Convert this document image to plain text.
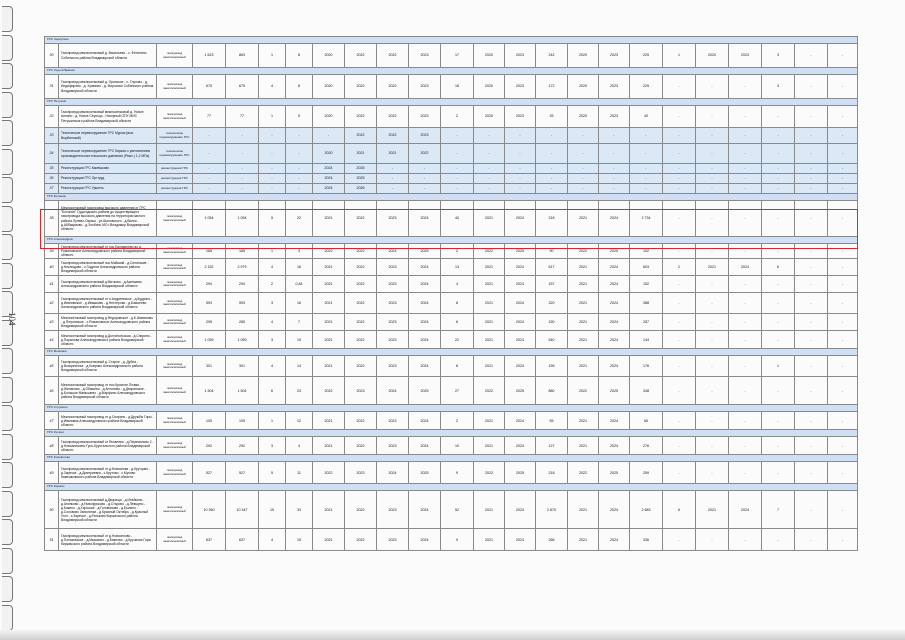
104
ГРС Черкутино																							
30	Газопровод межпоселковый д. Васильево - с. Фетинино Собинского района Владимирской области	газопровод межпоселковый	1 623	863	1	8	2020	2022	2022	2023	17	2020	2023	242	2020	2023	225	1	2020	2023	3	-	-
ГРС Ундол/Лакинск																							
31	Газопровод межпоселковый д. Оранское - с. Глухово - д. Индифирово - д. Храмово - д. Морозово Собинского района Владимирской области	газопровод межпоселковый	675	675	4	8	2020	2022	2022	2023	18	2020	2023	172	2020	2023	225	-	-	-	3	-	-
ГРС Петушки																							
32	Газопровод межпоселковый межпоселковый д. Новое Аннино - д. Новое Сеульцо - Нагорный ОПУ МИС Петушинского района Владимирской области	газопровод межпоселковый	77	77	1	5	2020	2022	2022	2023	2	2020	2023	39	2020	2023	40	-	-	-	-	-	-
33	Техническое перевооружение ГРС Муром (вых. Вырбинский)	техническое перевооружение ГРС	-	-	-	-	-	2022	2022	2023	-	-	-	-	-	-	-	-	-	-	-	-	-
34	Техническое перевооружение ГРС Киржач с увеличением производительности высокого давления (Рвых.) 1,2 МПа)	техническое перевооружение ГРС	-	-	-	-	2020	2021	2021	2022	-	-	-	-	-	-	-	-	-	-	-	-	-
35	Реконструкция ГРС Камешково	реконструкция ГРС	-	-	-	-	2024	2025	-	-	-	-	-	-	-	-	-	-	-	-	-	-	-
36	Реконструкция ГРС Оргтруд	реконструкция ГРС	-	-	-	-	2024	2025	-	-	-	-	-	-	-	-	-	-	-	-	-	-	-
37	Реконструкция ГРС Уршель	реконструкция ГРС	-	-	-	-	2024	2026	-	-	-	-	-	-	-	-	-	-	-	-	-	-	-
ГРС Ботинов																							
38	Межпоселковый газопровод высокого давления от ГРС "Ботинов" Судогодского района до существующего газопровода высокого давления на территории жилого района Лунево-Окрыш - ул.Шиловского - д.Вилки - д.Аббакумово - д.Злобино МО г.Владимир Владимирской области	газопровод межпоселковый	1 054	1 054	5	22	2021	2022	2023	2024	40	2021	2024	218	2021	2024	2 734	-	-	-	-	-	-
ГРС Александров																							
39	Газопровод межпоселковый от пос.Балакирево до д. Романовское Александровского района Владимирской области	газопровод межпоселковый	165	165	1	3	2022	2022	2024	2025	2	2022	2025	90	2022	2025	102	-	-	-	-	-	-
40	Газопровод межпоселковый пос.Майский - д.Сенинские - д.Неклюдово - с.Годунов Александровского района Владимирской области	газопровод межпоселковый	2 152	2 979	4	16	2021	2022	2023	2024	13	2021	2024	617	2021	2024	603	2	2021	2024	6	-	-
41	Газопровод межпоселковый д.Митково - д.Акиншево Александровского района Владимирской области	газопровод межпоселковый	294	294	2	0,84	2021	2022	2023	2024	4	2021	2024	157	2021	2024	152	-	-	-	-	-	-
42	Газопровод межпоселковый от п.Андреевское - д.Кудрино - д.Ивановское - д.Ивашково - д.Нестерово - д.Бакшеево Александровского района Владимирской области	газопровод межпоселковый	593	593	3	16	2021	2022	2023	2024	8	2021	2024	320	2021	2024	388	-	-	-	-	-	-
43	Межпоселковый газопровод д.Федоровское - д.Б.Шиманово - д.Петровское - с.Романовское Александровского района Владимирской области	газопровод межпоселковый	295	285	4	7	2021	2022	2023	2024	6	2021	2024	150	2021	2024	257	-	-	-	-	-	-
44	Межпоселковый газопровод д.Долгопольская - д.Спирино - д.Парыньва Александровского района Владимирской области	газопровод межпоселковый	1 059	1 059	3	19	2021	2022	2023	2024	22	2021	2024	540	2021	2024	144	-	-	-	-	-	-
ГРС Фоминки																							
45	Газопровод межпоселковый д. Старое - д. Дубна - д.Воскресенье - д.Коврово Александровского района Владимирской области	газопровод межпоселковый	301	301	4	14	2021	2022	2023	2024	6	2021	2024	155	2021	2024	176	-	-	-	1	-	-
46	Межпоселковый газопровод от пос.Красное Пламя - д.Жиланово - д.Обашево - д.Антоново - д.Дворянское - д.Большое Мамышево - д.Марфино Александровского района Владимирской области	газопровод межпоселковый	1 504	1 504	6	23	2022	2023	2024	2025	27	2022	2025	880	2022	2025	348	-	-	-	-	-	-
ГРС Струнино																							
47	Межпоселковый газопровод от д.Спирино - д.Дружбы Горы - д.Ивановка Александровского района Владимирской области	газопровод межпоселковый	105	105	1	12	2021	2022	2023	2024	2	2021	2024	55	2021	2024	65	-	-	-	-	-	-
ГРС Купачи																							
48	Газопровод межпоселковый от Яковлево - д.Перемилово 2 - д.Новоалешино Гусь-Хрустального района Владимирской области	газопровод межпоселковый	292	292	3	4	2021	2022	2023	2024	10	2021	2024	127	2021	2024	276	-	-	-	-	-	-
ГРС Ковшилово																							
49	Газопровод межпоселковый от д.Новоселки - д.Крутцово - д.Заречье - д.Дмитриевка - с.Крутово - с.Мухово Камешковского района Владимирской области	газопровод межпоселковый	527	527	5	11	2022	2023	2024	2025	9	2022	2025	218	2022	2025	259	-	-	-	-	-	-
ГРС Киржач																							
50	Газопровод межпоселковый д.Дворищи - д.Илейкино - д.Анинково - д.Новофроково - д.Старово - д.Левшуно - д.Бакино - д.Хорошие - д.Голованово - д.Былино - д.Соловово Заполянье - д.Красный Октябрь - д.Красный Угол - с.Заречье - д.Ратьково Киржачского района Владимирской области	газопровод межпоселковый	10 350	10 347	15	33	2021	2022	2023	2024	52	2021	2024	2 670	2021	2024	2 683	6	2021	2024	7	-	-
51	Газопровод межпоселковый от д.Новоселово - д.Полазовское - д.Мышкино - д.Баклово - д.Кручинка Горы Киржачского района Владимирской области	газопровод межпоселковый	637	637	4	15	2021	2022	2023	2024	9	2021	2024	266	2021	2024	336	-	-	-	-	-	-
